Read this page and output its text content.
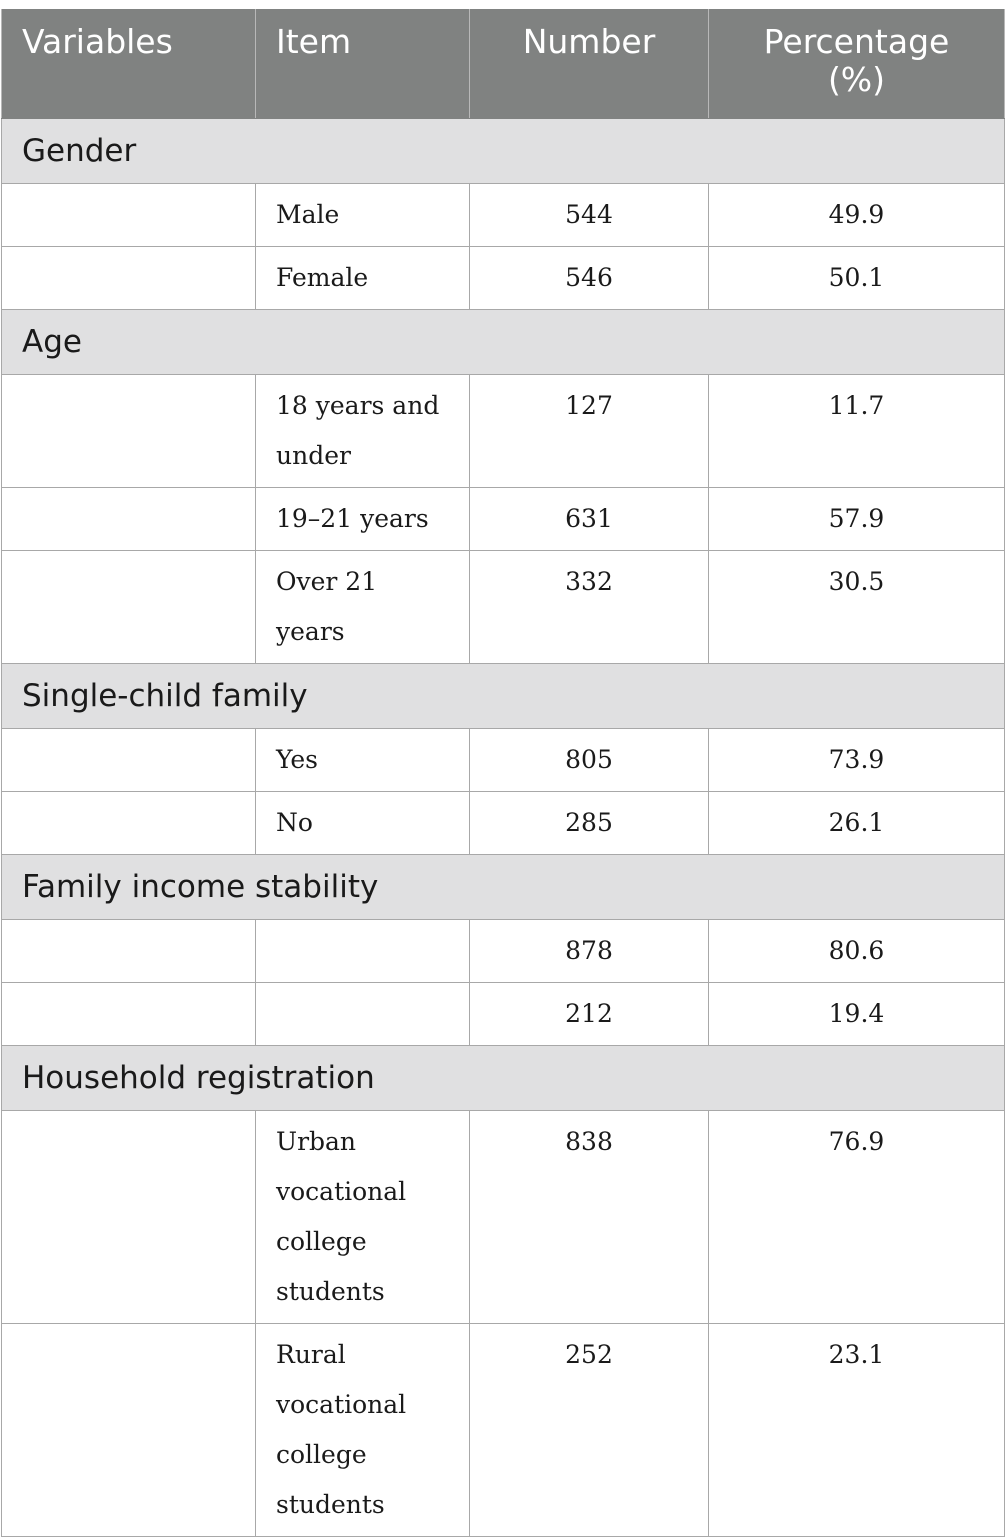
Variables	Item	Number	Percentage
(%)
Gender			
	Male	544	49.9
	Female	546	50.1
Age			
	18 years and under	127	11.7
	19–21 years	631	57.9
	Over 21 years	332	30.5
Single-child family			
	Yes	805	73.9
	No	285	26.1
Family income stability			
		878	80.6
		212	19.4
Household registration			
	Urban vocational college students	838	76.9
	Rural vocational college students	252	23.1
